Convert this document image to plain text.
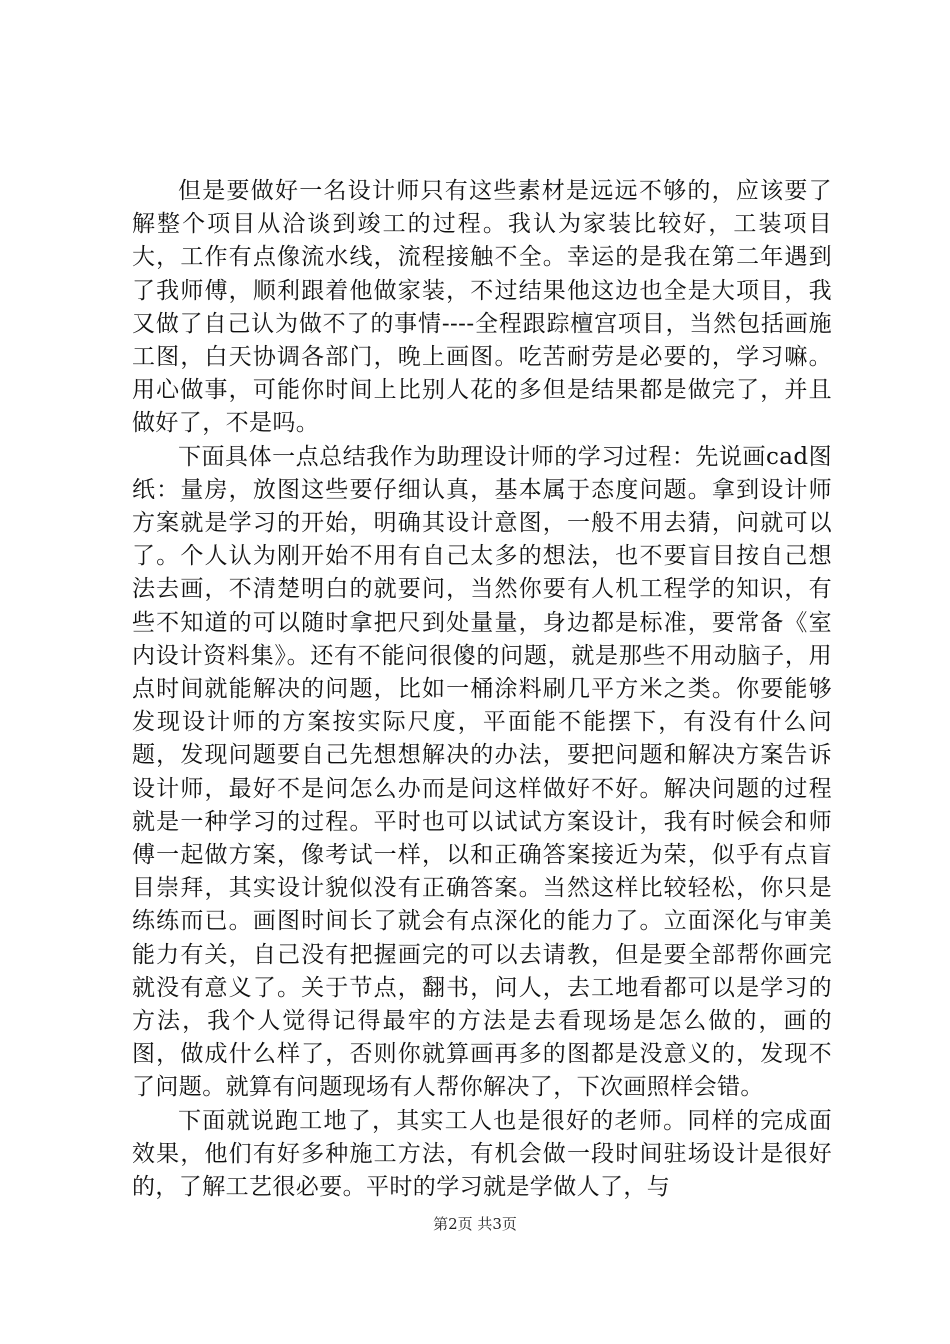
但是要做好一名设计师只有这些素材是远远不够的，应该要了解整个项目从洽谈到竣工的过程。我认为家装比较好，工装项目大，工作有点像流水线，流程接触不全。幸运的是我在第二年遇到了我师傅，顺利跟着他做家装，不过结果他这边也全是大项目，我又做了自己认为做不了的事情----全程跟踪檀宫项目，当然包括画施工图，白天协调各部门，晚上画图。吃苦耐劳是必要的，学习嘛。用心做事，可能你时间上比别人花的多但是结果都是做完了，并且做好了，不是吗。

下面具体一点总结我作为助理设计师的学习过程：先说画cad图纸：量房，放图这些要仔细认真，基本属于态度问题。拿到设计师方案就是学习的开始，明确其设计意图，一般不用去猜，问就可以了。个人认为刚开始不用有自己太多的想法，也不要盲目按自己想法去画，不清楚明白的就要问，当然你要有人机工程学的知识，有些不知道的可以随时拿把尺到处量量，身边都是标准，要常备《室内设计资料集》。还有不能问很傻的问题，就是那些不用动脑子，用点时间就能解决的问题，比如一桶涂料刷几平方米之类。你要能够发现设计师的方案按实际尺度，平面能不能摆下，有没有什么问题，发现问题要自己先想想解决的办法，要把问题和解决方案告诉设计师，最好不是问怎么办而是问这样做好不好。解决问题的过程就是一种学习的过程。平时也可以试试方案设计，我有时候会和师傅一起做方案，像考试一样，以和正确答案接近为荣，似乎有点盲目崇拜，其实设计貌似没有正确答案。当然这样比较轻松，你只是练练而已。画图时间长了就会有点深化的能力了。立面深化与审美能力有关，自己没有把握画完的可以去请教，但是要全部帮你画完就没有意义了。关于节点，翻书，问人，去工地看都可以是学习的方法，我个人觉得记得最牢的方法是去看现场是怎么做的，画的图，做成什么样了，否则你就算画再多的图都是没意义的，发现不了问题。就算有问题现场有人帮你解决了，下次画照样会错。

下面就说跑工地了，其实工人也是很好的老师。同样的完成面效果，他们有好多种施工方法，有机会做一段时间驻场设计是很好的，了解工艺很必要。平时的学习就是学做人了，与

第2页 共3页
